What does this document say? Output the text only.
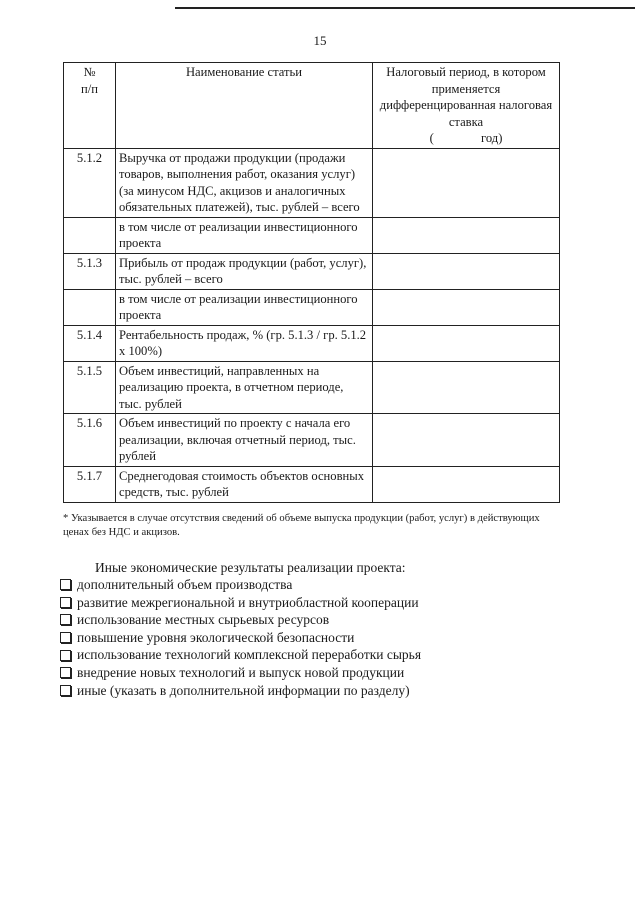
15
№
п/п	Наименование статьи	Налоговый период, в котором применяется дифференцированная налоговая ставка
(               год)

5.1.2	Выручка от продажи продукции (продажи товаров, выполнения работ, оказания услуг) (за минусом НДС, акцизов и аналогичных обязательных платежей), тыс. рублей – всего	
	в том числе от реализации инвестиционного проекта	
5.1.3	Прибыль от продаж продукции (работ, услуг), тыс. рублей – всего	
	в том числе от реализации инвестиционного проекта	
5.1.4	Рентабельность продаж, % (гр. 5.1.3 / гр. 5.1.2 х 100%)	
5.1.5	Объем инвестиций, направленных на реализацию проекта, в отчетном периоде, тыс. рублей	
5.1.6	Объем инвестиций по проекту с начала его реализации, включая отчетный период, тыс. рублей	
5.1.7	Среднегодовая стоимость объектов основных средств, тыс. рублей	
* Указывается в случае отсутствия сведений об объеме выпуска продукции (работ, услуг) в действующих ценах без НДС и акцизов.
Иные экономические результаты реализации проекта:
дополнительный объем производства
развитие межрегиональной и внутриобластной кооперации
использование местных сырьевых ресурсов
повышение уровня экологической безопасности
использование технологий комплексной переработки сырья
внедрение новых технологий и выпуск новой продукции
иные (указать в дополнительной информации по разделу)
